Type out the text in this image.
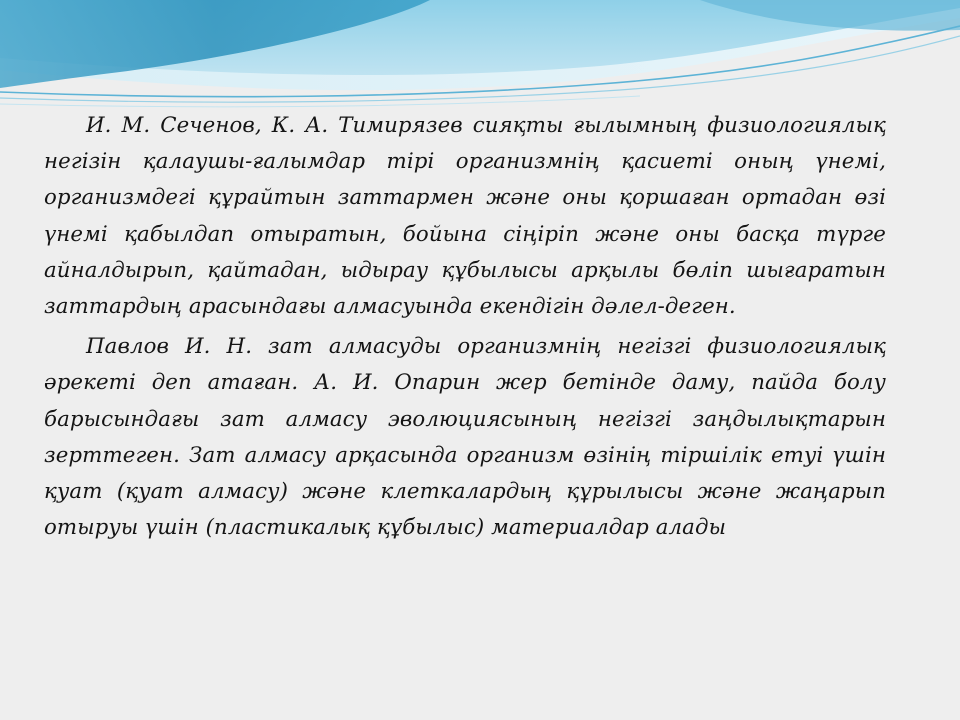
И. М. Сеченов, К. А. Тимирязев сияқты ғылымның физиологиялық негізін қалаушы-ғалымдар тірі организмнің қасиеті оның үнемі, организмдегі құрайтын заттармен және оны қоршаған ортадан өзі үнемі қабылдап отыратын, бойына сіңіріп және оны басқа түрге айналдырып, қайтадан, ыдырау құбылысы арқылы бөліп шығаратын заттардың арасындағы алмасуында екендігін дәлел-деген.

Павлов И. Н. зат алмасуды организмнің негізгі физиологиялық әрекеті деп атаған. А. И. Опарин жер бетінде даму, пайда болу барысындағы зат алмасу эволюциясының негізгі заңдылықтарын зерттеген. Зат алмасу арқасында организм өзінің тіршілік етуі үшін қуат (қуат алмасу) және клеткалардың құрылысы және жаңарып отыруы үшін (пластикалық құбылыс) материалдар алады
